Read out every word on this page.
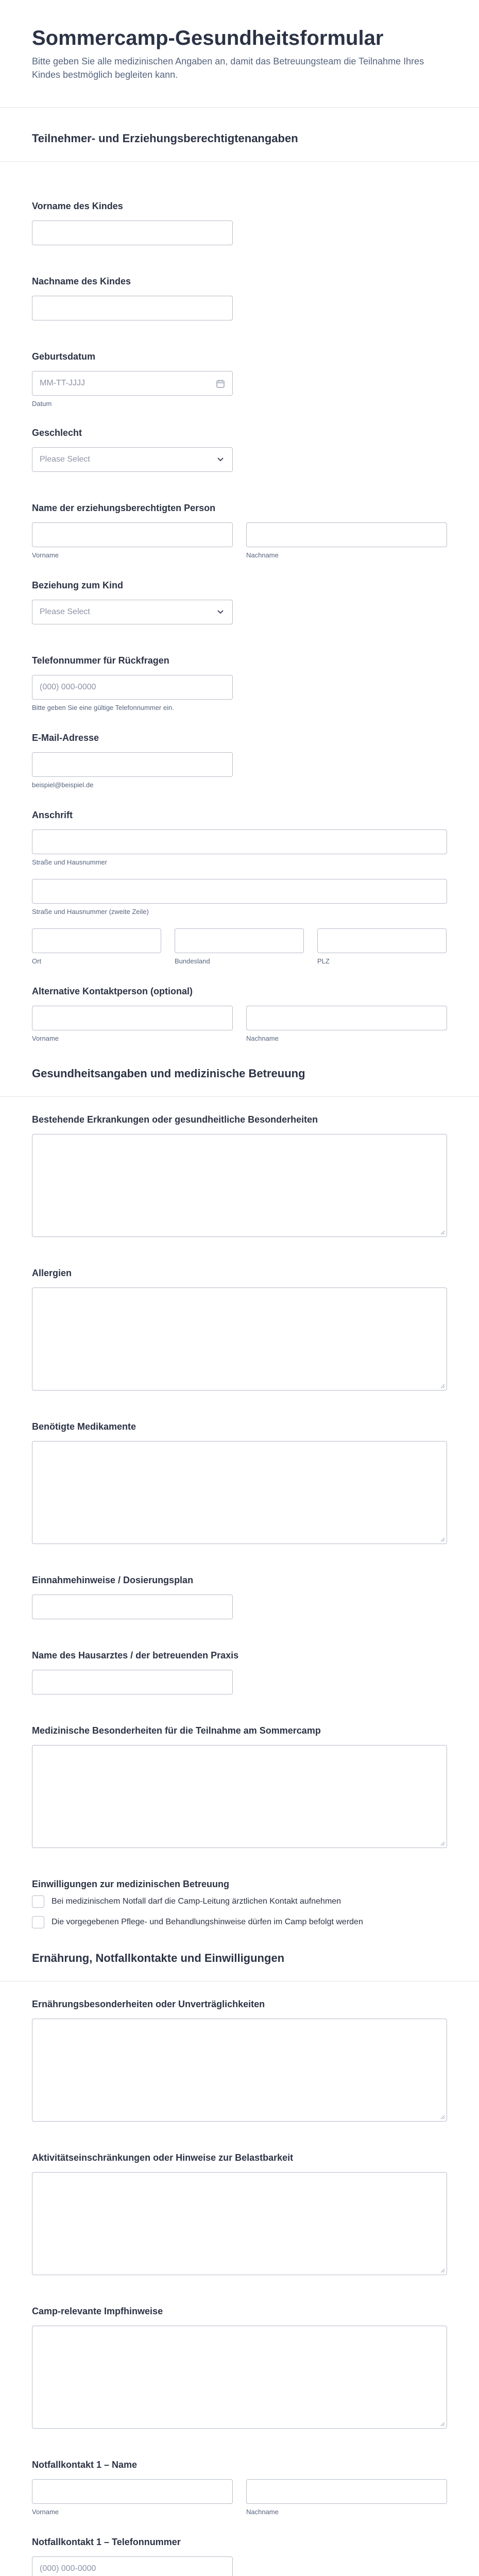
Sommercamp-Gesundheitsformular

Bitte geben Sie alle medizinischen Angaben an, damit das Betreuungsteam die Teilnahme Ihres Kindes bestmöglich begleiten kann.

Teilnehmer- und Erziehungsberechtigtenangaben
Vorname des Kindes
Nachname des Kindes
Geburtsdatum
MM-TT-JJJJ
Datum
Geschlecht
Please Select
Name der erziehungsberechtigten Person
Vorname	Nachname
Beziehung zum Kind
Please Select
Telefonnummer für Rückfragen
(000) 000-0000
Bitte geben Sie eine gültige Telefonnummer ein.
E-Mail-Adresse
beispiel@beispiel.de
Anschrift
Straße und Hausnummer
Straße und Hausnummer (zweite Zeile)
Ort	Bundesland	PLZ
Alternative Kontaktperson (optional)
Vorname	Nachname
Gesundheitsangaben und medizinische Betreuung
Bestehende Erkrankungen oder gesundheitliche Besonderheiten
Allergien
Benötigte Medikamente
Einnahmehinweise / Dosierungsplan
Name des Hausarztes / der betreuenden Praxis
Medizinische Besonderheiten für die Teilnahme am Sommercamp
Einwilligungen zur medizinischen Betreuung
Bei medizinischem Notfall darf die Camp-Leitung ärztlichen Kontakt aufnehmen
Die vorgegebenen Pflege- und Behandlungshinweise dürfen im Camp befolgt werden
Ernährung, Notfallkontakte und Einwilligungen
Ernährungsbesonderheiten oder Unverträglichkeiten
Aktivitätseinschränkungen oder Hinweise zur Belastbarkeit
Camp-relevante Impfhinweise
Notfallkontakt 1 – Name
Vorname	Nachname
Notfallkontakt 1 – Telefonnummer
(000) 000-0000
